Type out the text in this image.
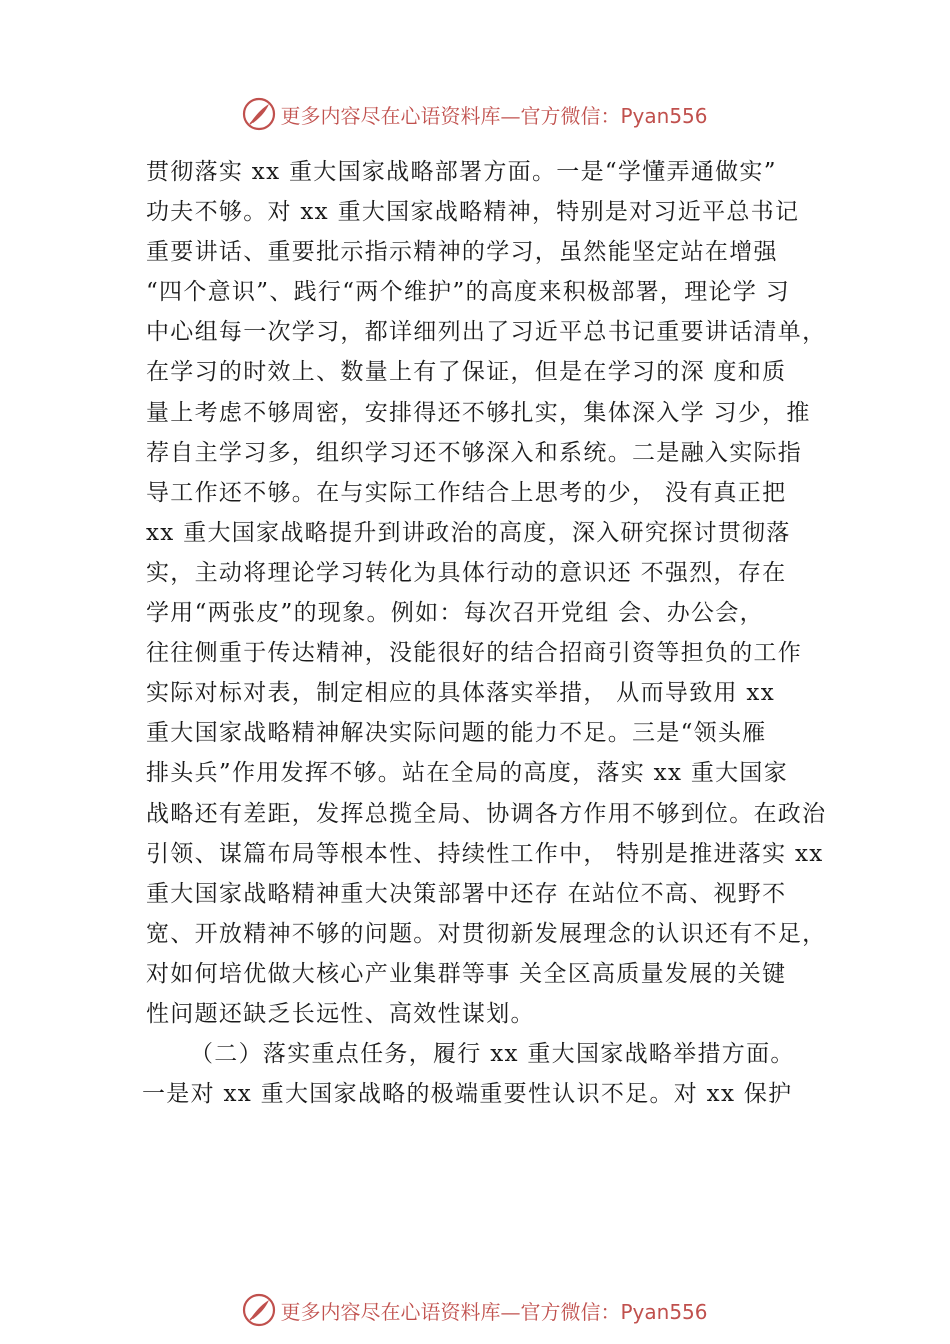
更多内容尽在心语资料库—官方微信：Pyan556
贯彻落实 xx 重大国家战略部署方面。一是“学懂弄通做实”
功夫不够。对 xx 重大国家战略精神，特别是对习近平总书记
重要讲话、重要批示指示精神的学习，虽然能坚定站在增强
“四个意识”、践行“两个维护”的高度来积极部署，理论学 习
中心组每一次学习，都详细列出了习近平总书记重要讲话清单，
在学习的时效上、数量上有了保证，但是在学习的深 度和质
量上考虑不够周密，安排得还不够扎实，集体深入学 习少，推
荐自主学习多，组织学习还不够深入和系统。二是融入实际指
导工作还不够。在与实际工作结合上思考的少， 没有真正把
xx 重大国家战略提升到讲政治的高度，深入研究探讨贯彻落
实，主动将理论学习转化为具体行动的意识还 不强烈，存在
学用“两张皮”的现象。例如：每次召开党组 会、办公会，
往往侧重于传达精神，没能很好的结合招商引资等担负的工作
实际对标对表，制定相应的具体落实举措， 从而导致用 xx
重大国家战略精神解决实际问题的能力不足。三是“领头雁
排头兵”作用发挥不够。站在全局的高度，落实 xx 重大国家
战略还有差距，发挥总揽全局、协调各方作用不够到位。在政治
引领、谋篇布局等根本性、持续性工作中， 特别是推进落实 xx
重大国家战略精神重大决策部署中还存 在站位不高、视野不
宽、开放精神不够的问题。对贯彻新发展理念的认识还有不足，
对如何培优做大核心产业集群等事 关全区高质量发展的关键
性问题还缺乏长远性、高效性谋划。
（二）落实重点任务，履行 xx 重大国家战略举措方面。
一是对 xx 重大国家战略的极端重要性认识不足。对 xx 保护
更多内容尽在心语资料库—官方微信：Pyan556
